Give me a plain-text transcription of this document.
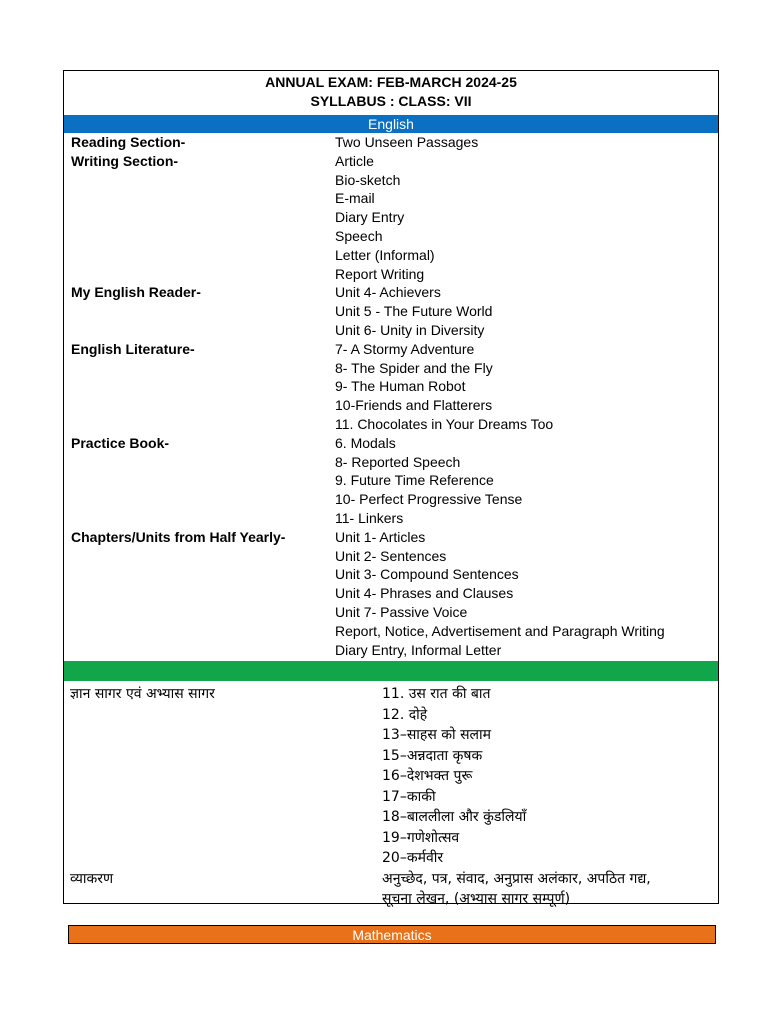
ANNUAL EXAM: FEB-MARCH 2024-25
SYLLABUS : CLASS: VII
English
Reading Section-	Two Unseen Passages
Writing Section-	Article
Bio-sketch
E-mail
Diary Entry
Speech
Letter (Informal)
Report Writing
My English Reader-	Unit 4- Achievers
Unit 5 - The Future World
Unit 6- Unity in Diversity
English Literature-	7- A Stormy Adventure
8- The Spider and the Fly
9- The Human Robot
10-Friends and Flatterers
11. Chocolates in Your Dreams Too
Practice Book-	6. Modals
8- Reported Speech
9. Future Time Reference
10- Perfect Progressive Tense
11- Linkers
Chapters/Units from Half Yearly-	Unit 1- Articles
Unit 2- Sentences
Unit 3- Compound Sentences
Unit 4- Phrases and Clauses
Unit 7- Passive Voice
Report, Notice, Advertisement and Paragraph Writing
Diary Entry, Informal Letter
ज्ञान सागर एवं अभ्यास सागर	11. उस रात की बात
12. दोहे
13–साहस को सलाम
15–अन्नदाता कृषक
16–देशभक्त पुरू
17–काकी
18–बाललीला और कुंडलियाँ
19–गणेशोत्सव
20–कर्मवीर
व्याकरण	अनुच्छेद, पत्र, संवाद, अनुप्रास अलंकार, अपठित गद्य,
सूचना लेखन, (अभ्यास सागर सम्पूर्ण)
Mathematics
